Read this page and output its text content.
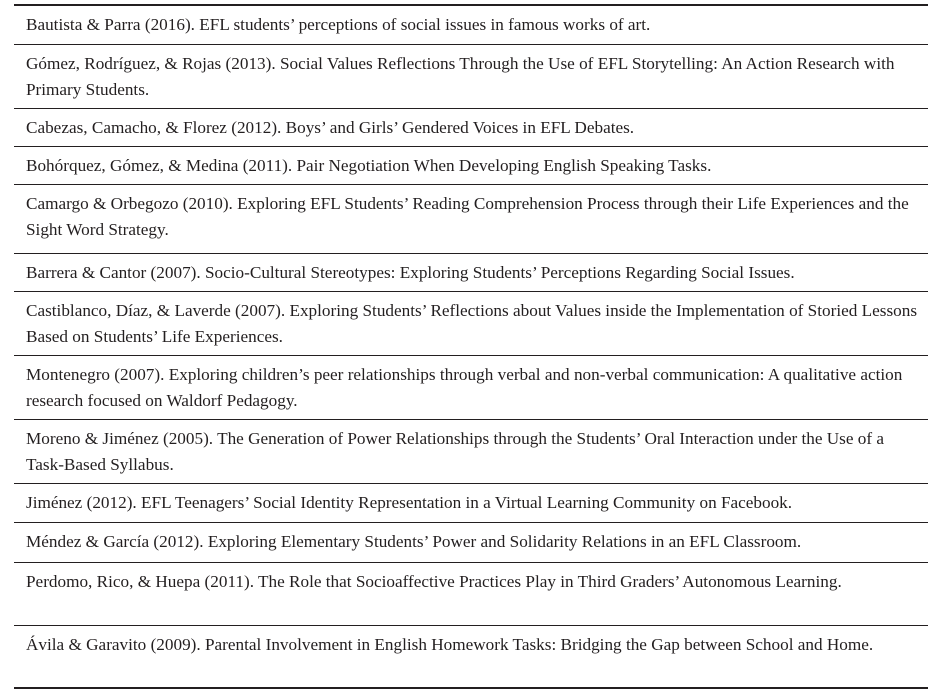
Bautista & Parra (2016). EFL students’ perceptions of social issues in famous works of art.
Gómez, Rodríguez, & Rojas (2013). Social Values Reflections Through the Use of EFL Storytelling: An Action Research with Primary Students.
Cabezas, Camacho, & Florez (2012). Boys’ and Girls’ Gendered Voices in EFL Debates.
Bohórquez, Gómez, & Medina (2011). Pair Negotiation When Developing English Speaking Tasks.
Camargo & Orbegozo (2010). Exploring EFL Students’ Reading Comprehension Process through their Life Experiences and the Sight Word Strategy.
Barrera & Cantor (2007). Socio-Cultural Stereotypes: Exploring Students’ Perceptions Regarding Social Issues.
Castiblanco, Díaz, & Laverde (2007). Exploring Students’ Reflections about Values inside the Implementation of Storied Lessons Based on Students’ Life Experiences.
Montenegro (2007). Exploring children’s peer relationships through verbal and non-verbal communication: A qualitative action research focused on Waldorf Pedagogy.
Moreno & Jiménez (2005). The Generation of Power Relationships through the Students’ Oral Interaction under the Use of a Task-Based Syllabus.
Jiménez (2012). EFL Teenagers’ Social Identity Representation in a Virtual Learning Community on Facebook.
Méndez & García (2012). Exploring Elementary Students’ Power and Solidarity Relations in an EFL Classroom.
Perdomo, Rico, & Huepa (2011). The Role that Socioaffective Practices Play in Third Graders’ Autonomous Learning.
Ávila & Garavito (2009). Parental Involvement in English Homework Tasks: Bridging the Gap between School and Home.
